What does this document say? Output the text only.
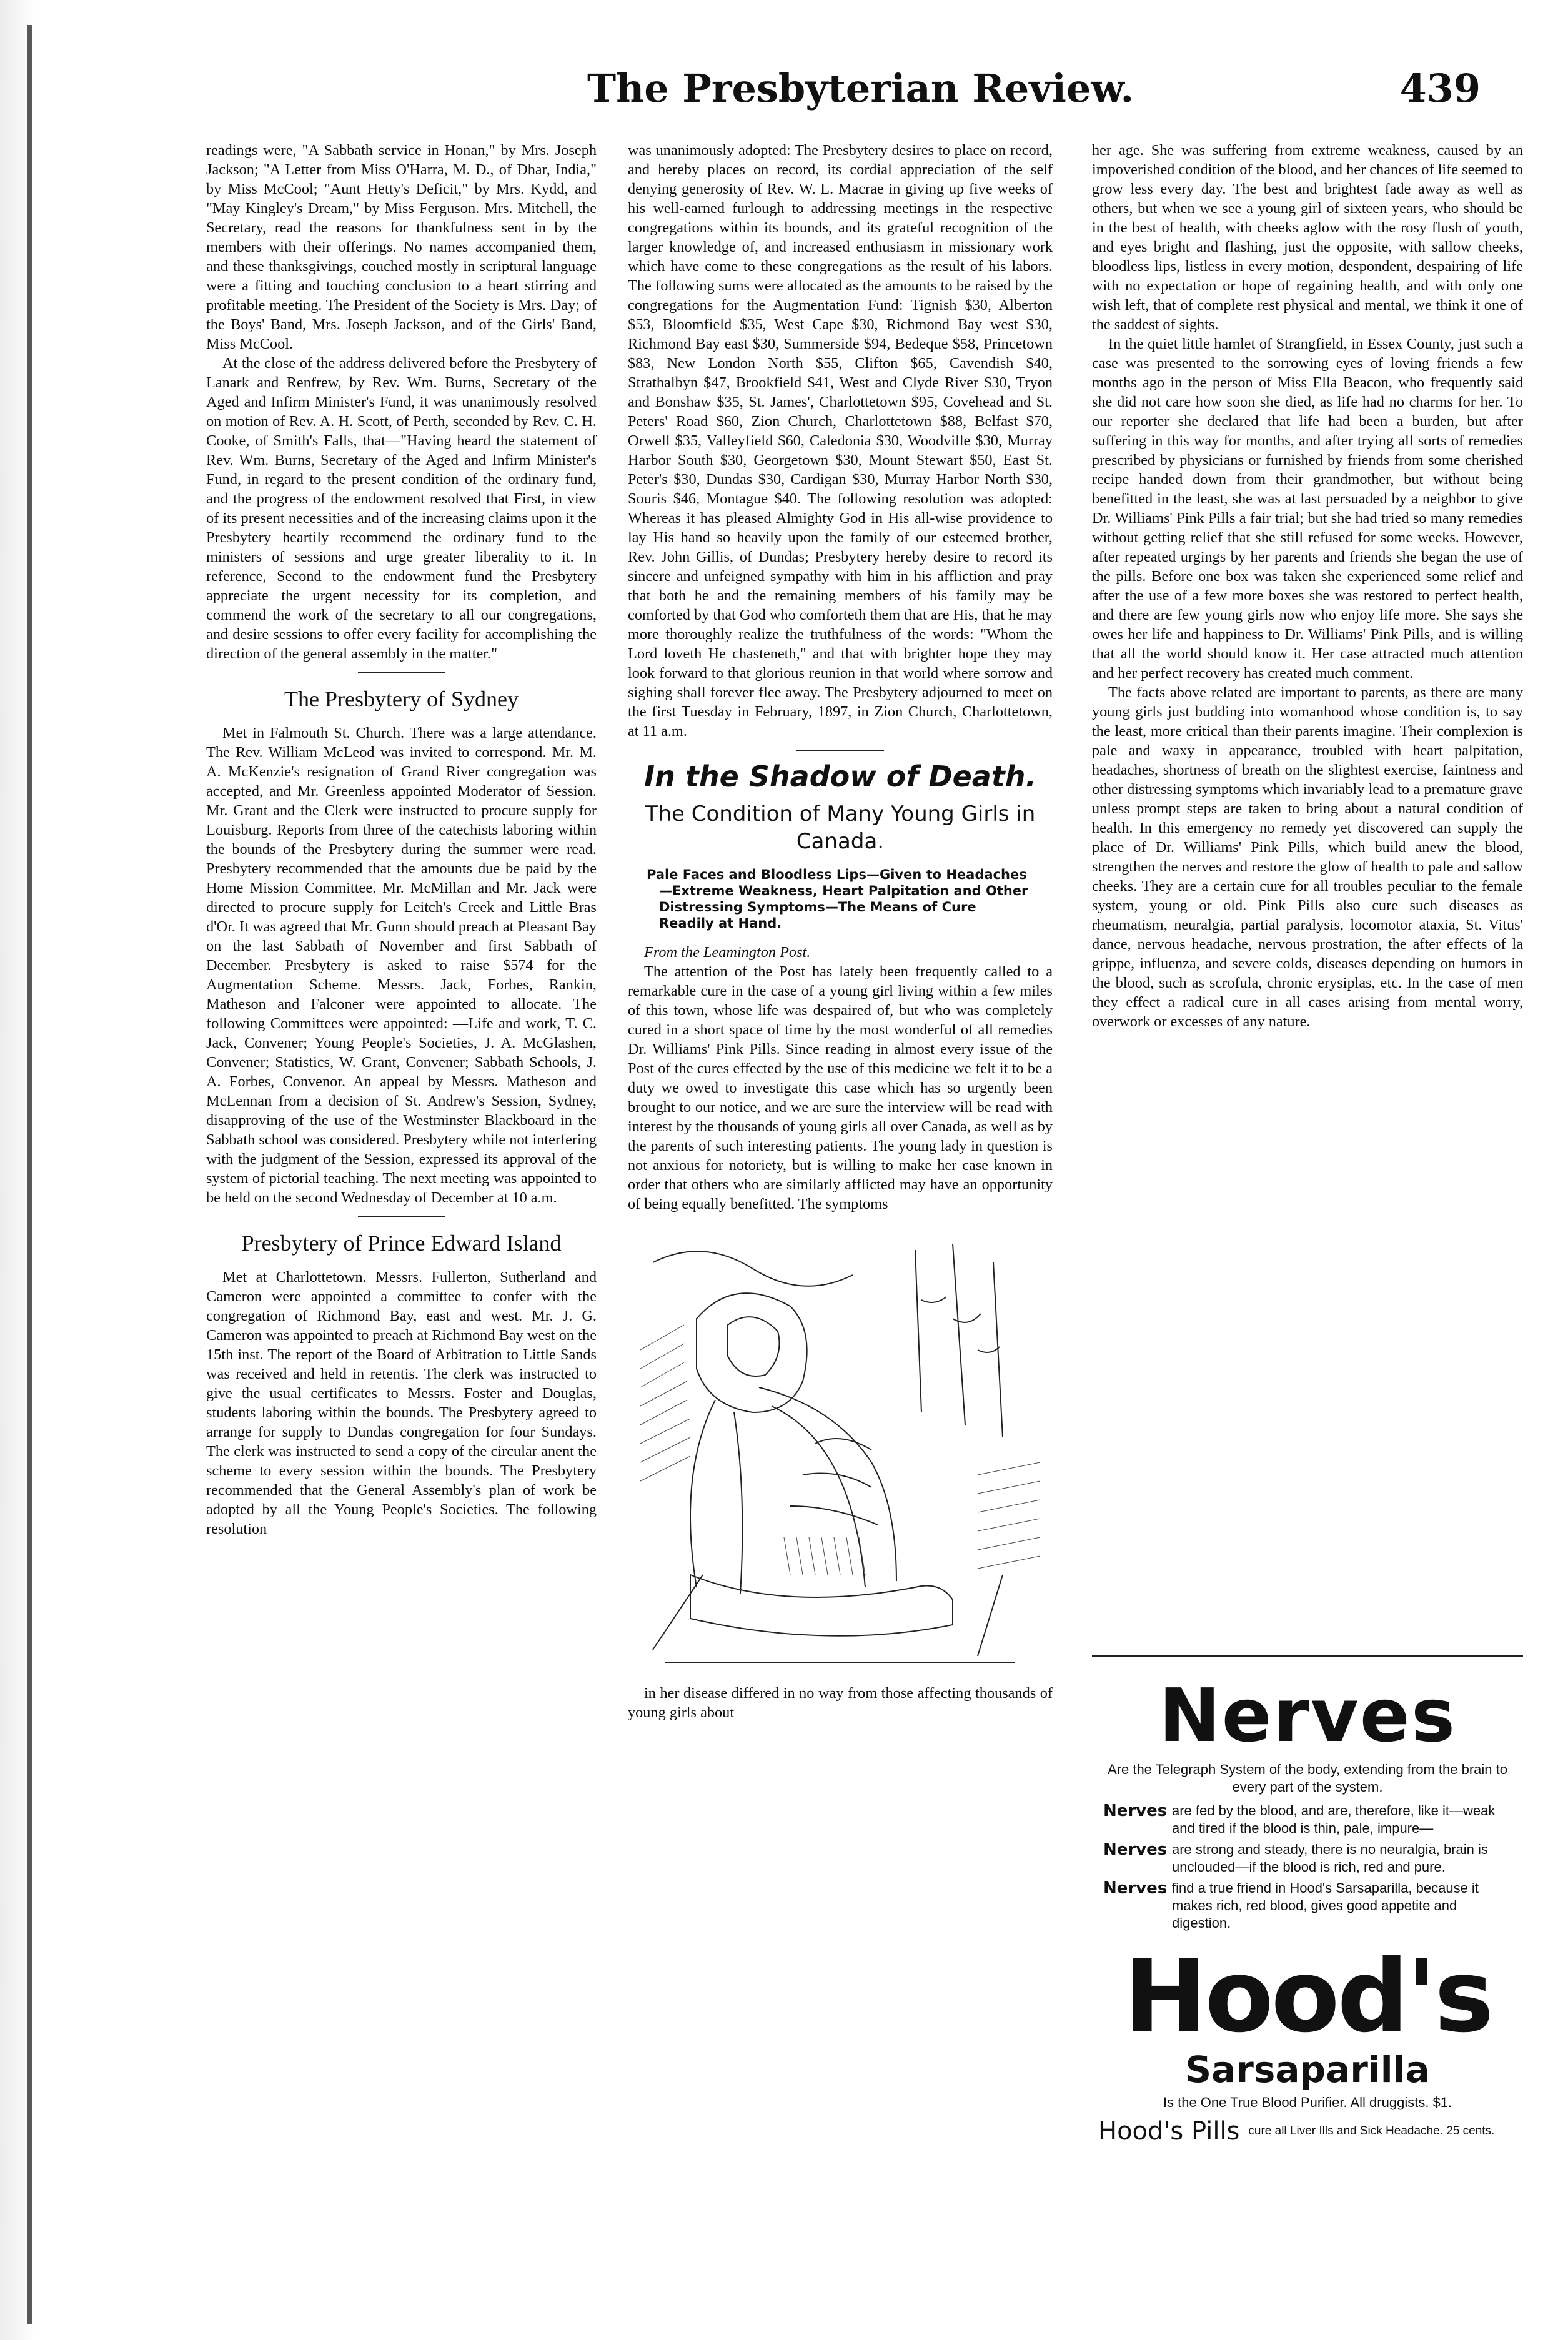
The Presbyterian Review.	439

readings were, "A Sabbath service in Honan," by Mrs. Joseph Jackson; "A Letter from Miss O'Harra, M. D., of Dhar, India," by Miss McCool; "Aunt Hetty's Deficit," by Mrs. Kydd, and "May Kingley's Dream," by Miss Ferguson. Mrs. Mitchell, the Secretary, read the reasons for thankfulness sent in by the members with their offerings. No names accompanied them, and these thanksgivings, couched mostly in scriptural language were a fitting and touching conclusion to a heart stirring and profitable meeting. The President of the Society is Mrs. Day; of the Boys' Band, Mrs. Joseph Jackson, and of the Girls' Band, Miss McCool.

At the close of the address delivered before the Presbytery of Lanark and Renfrew, by Rev. Wm. Burns, Secretary of the Aged and Infirm Minister's Fund, it was unanimously resolved on motion of Rev. A. H. Scott, of Perth, seconded by Rev. C. H. Cooke, of Smith's Falls, that—"Having heard the statement of Rev. Wm. Burns, Secretary of the Aged and Infirm Minister's Fund, in regard to the present condition of the ordinary fund, and the progress of the endowment resolved that First, in view of its present necessities and of the increasing claims upon it the Presbytery heartily recommend the ordinary fund to the ministers of sessions and urge greater liberality to it. In reference, Second to the endowment fund the Presbytery appreciate the urgent necessity for its completion, and commend the work of the secretary to all our congregations, and desire sessions to offer every facility for accomplishing the direction of the general assembly in the matter."

The Presbytery of Sydney

Met in Falmouth St. Church. There was a large attendance. The Rev. William McLeod was invited to correspond. Mr. M. A. McKenzie's resignation of Grand River congregation was accepted, and Mr. Greenless appointed Moderator of Session. Mr. Grant and the Clerk were instructed to procure supply for Louisburg. Reports from three of the catechists laboring within the bounds of the Presbytery during the summer were read. Presbytery recommended that the amounts due be paid by the Home Mission Committee. Mr. McMillan and Mr. Jack were directed to procure supply for Leitch's Creek and Little Bras d'Or. It was agreed that Mr. Gunn should preach at Pleasant Bay on the last Sabbath of November and first Sabbath of December. Presbytery is asked to raise $574 for the Augmentation Scheme. Messrs. Jack, Forbes, Rankin, Matheson and Falconer were appointed to allocate. The following Committees were appointed: —Life and work, T. C. Jack, Convener; Young People's Societies, J. A. McGlashen, Convener; Statistics, W. Grant, Convener; Sabbath Schools, J. A. Forbes, Convenor. An appeal by Messrs. Matheson and McLennan from a decision of St. Andrew's Session, Sydney, disapproving of the use of the Westminster Blackboard in the Sabbath school was considered. Presbytery while not interfering with the judgment of the Session, expressed its approval of the system of pictorial teaching. The next meeting was appointed to be held on the second Wednesday of December at 10 a.m.

Presbytery of Prince Edward Island

Met at Charlottetown. Messrs. Fullerton, Sutherland and Cameron were appointed a committee to confer with the congregation of Richmond Bay, east and west. Mr. J. G. Cameron was appointed to preach at Richmond Bay west on the 15th inst. The report of the Board of Arbitration to Little Sands was received and held in retentis. The clerk was instructed to give the usual certificates to Messrs. Foster and Douglas, students laboring within the bounds. The Presbytery agreed to arrange for supply to Dundas congregation for four Sundays. The clerk was instructed to send a copy of the circular anent the scheme to every session within the bounds. The Presbytery recommended that the General Assembly's plan of work be adopted by all the Young People's Societies. The following resolution

was unanimously adopted: The Presbytery desires to place on record, and hereby places on record, its cordial appreciation of the self denying generosity of Rev. W. L. Macrae in giving up five weeks of his well-earned furlough to addressing meetings in the respective congregations within its bounds, and its grateful recognition of the larger knowledge of, and increased enthusiasm in missionary work which have come to these congregations as the result of his labors. The following sums were allocated as the amounts to be raised by the congregations for the Augmentation Fund: Tignish $30, Alberton $53, Bloomfield $35, West Cape $30, Richmond Bay west $30, Richmond Bay east $30, Summerside $94, Bedeque $58, Princetown $83, New London North $55, Clifton $65, Cavendish $40, Strathalbyn $47, Brookfield $41, West and Clyde River $30, Tryon and Bonshaw $35, St. James', Charlottetown $95, Covehead and St. Peters' Road $60, Zion Church, Charlottetown $88, Belfast $70, Orwell $35, Valleyfield $60, Caledonia $30, Woodville $30, Murray Harbor South $30, Georgetown $30, Mount Stewart $50, East St. Peter's $30, Dundas $30, Cardigan $30, Murray Harbor North $30, Souris $46, Montague $40. The following resolution was adopted: Whereas it has pleased Almighty God in His all-wise providence to lay His hand so heavily upon the family of our esteemed brother, Rev. John Gillis, of Dundas; Presbytery hereby desire to record its sincere and unfeigned sympathy with him in his affliction and pray that both he and the remaining members of his family may be comforted by that God who comforteth them that are His, that he may more thoroughly realize the truthfulness of the words: "Whom the Lord loveth He chasteneth," and that with brighter hope they may look forward to that glorious reunion in that world where sorrow and sighing shall forever flee away. The Presbytery adjourned to meet on the first Tuesday in February, 1897, in Zion Church, Charlottetown, at 11 a.m.

In the Shadow of Death.
The Condition of Many Young Girls in Canada.
Pale Faces and Bloodless Lips—Given to Headaches—Extreme Weakness, Heart Palpitation and Other Distressing Symptoms—The Means of Cure Readily at Hand.

From the Leamington Post.

The attention of the Post has lately been frequently called to a remarkable cure in the case of a young girl living within a few miles of this town, whose life was despaired of, but who was completely cured in a short space of time by the most wonderful of all remedies Dr. Williams' Pink Pills. Since reading in almost every issue of the Post of the cures effected by the use of this medicine we felt it to be a duty we owed to investigate this case which has so urgently been brought to our notice, and we are sure the interview will be read with interest by the thousands of young girls all over Canada, as well as by the parents of such interesting patients. The young lady in question is not anxious for notoriety, but is willing to make her case known in order that others who are similarly afflicted may have an opportunity of being equally benefitted. The symptoms

in her disease differed in no way from those affecting thousands of young girls about

her age. She was suffering from extreme weakness, caused by an impoverished condition of the blood, and her chances of life seemed to grow less every day. The best and brightest fade away as well as others, but when we see a young girl of sixteen years, who should be in the best of health, with cheeks aglow with the rosy flush of youth, and eyes bright and flashing, just the opposite, with sallow cheeks, bloodless lips, listless in every motion, despondent, despairing of life with no expectation or hope of regaining health, and with only one wish left, that of complete rest physical and mental, we think it one of the saddest of sights.

In the quiet little hamlet of Strangfield, in Essex County, just such a case was presented to the sorrowing eyes of loving friends a few months ago in the person of Miss Ella Beacon, who frequently said she did not care how soon she died, as life had no charms for her. To our reporter she declared that life had been a burden, but after suffering in this way for months, and after trying all sorts of remedies prescribed by physicians or furnished by friends from some cherished recipe handed down from their grandmother, but without being benefitted in the least, she was at last persuaded by a neighbor to give Dr. Williams' Pink Pills a fair trial; but she had tried so many remedies without getting relief that she still refused for some weeks. However, after repeated urgings by her parents and friends she began the use of the pills. Before one box was taken she experienced some relief and after the use of a few more boxes she was restored to perfect health, and there are few young girls now who enjoy life more. She says she owes her life and happiness to Dr. Williams' Pink Pills, and is willing that all the world should know it. Her case attracted much attention and her perfect recovery has created much comment.

The facts above related are important to parents, as there are many young girls just budding into womanhood whose condition is, to say the least, more critical than their parents imagine. Their complexion is pale and waxy in appearance, troubled with heart palpitation, headaches, shortness of breath on the slightest exercise, faintness and other distressing symptoms which invariably lead to a premature grave unless prompt steps are taken to bring about a natural condition of health. In this emergency no remedy yet discovered can supply the place of Dr. Williams' Pink Pills, which build anew the blood, strengthen the nerves and restore the glow of health to pale and sallow cheeks. They are a certain cure for all troubles peculiar to the female system, young or old. Pink Pills also cure such diseases as rheumatism, neuralgia, partial paralysis, locomotor ataxia, St. Vitus' dance, nervous headache, nervous prostration, the after effects of la grippe, influenza, and severe colds, diseases depending on humors in the blood, such as scrofula, chronic erysiplas, etc. In the case of men they effect a radical cure in all cases arising from mental worry, overwork or excesses of any nature.

Nerves
Are the Telegraph System of the body, extending from the brain to every part of the system.
Nerves are fed by the blood, and are, therefore, like it—weak and tired if the blood is thin, pale, impure—
Nerves are strong and steady, there is no neuralgia, brain is unclouded—if the blood is rich, red and pure.
Nerves find a true friend in Hood's Sarsaparilla, because it makes rich, red blood, gives good appetite and digestion.
Hood's
Sarsaparilla
Is the One True Blood Purifier. All druggists. $1.
Hood's Pills cure all Liver Ills and Sick Headache. 25 cents.
